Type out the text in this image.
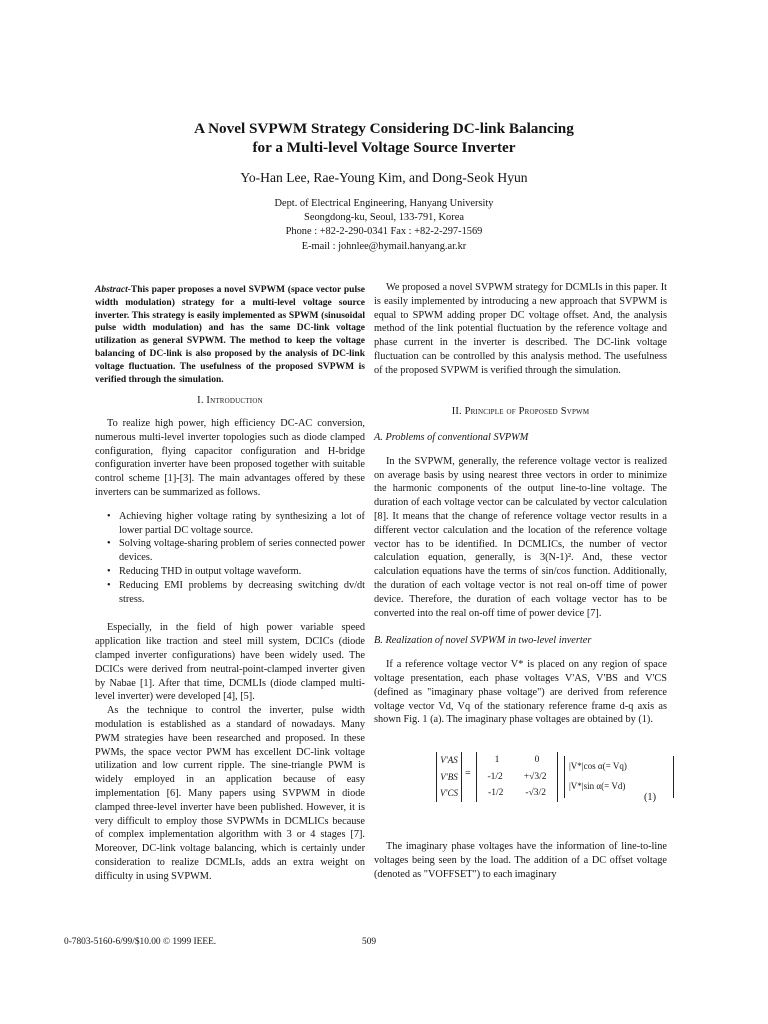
A Novel SVPWM Strategy Considering DC-link Balancing
for a Multi-level Voltage Source Inverter
Yo-Han Lee, Rae-Young Kim, and Dong-Seok Hyun
Dept. of Electrical Engineering, Hanyang University
Seongdong-ku, Seoul, 133-791, Korea
Phone : +82-2-290-0341 Fax : +82-2-297-1569
E-mail : johnlee@hymail.hanyang.ar.kr
Abstract-This paper proposes a novel SVPWM (space vector pulse width modulation) strategy for a multi-level voltage source inverter. This strategy is easily implemented as SPWM (sinusoidal pulse width modulation) and has the same DC-link voltage utilization as general SVPWM. The method to keep the voltage balancing of DC-link is also proposed by the analysis of DC-link voltage fluctuation. The usefulness of the proposed SVPWM is verified through the simulation.
I. Introduction

To realize high power, high efficiency DC-AC conversion, numerous multi-level inverter topologies such as diode clamped configuration, flying capacitor configuration and H-bridge configuration inverter have been proposed together with suitable control scheme [1]-[3]. The main advantages offered by these inverters can be summarized as follows.

• Achieving higher voltage rating by synthesizing a lot of lower partial DC voltage source.
• Solving voltage-sharing problem of series connected power devices.
• Reducing THD in output voltage waveform.
• Reducing EMI problems by decreasing switching dv/dt stress.

Especially, in the field of high power variable speed application like traction and steel mill system, DCICs (diode clamped inverter configurations) have been widely used. The DCICs were derived from neutral-point-clamped inverter given by Nabae [1]. After that time, DCMLIs (diode clamped multi-level inverter) were developed [4], [5].

As the technique to control the inverter, pulse width modulation is established as a standard of nowadays. Many PWM strategies have been researched and proposed. In these PWMs, the space vector PWM has excellent DC-link voltage utilization and low current ripple. The sine-triangle PWM is widely employed in an application because of easy implementation [6]. Many papers using SVPWM in diode clamped three-level inverter have been published. However, it is very difficult to employ those SVPWMs in DCMLICs because of complex implementation algorithm with 3 or 4 stages [7]. Moreover, DC-link voltage balancing, which is certainly under consideration to realize DCMLIs, adds an extra weight on difficulty in using SVPWM.

We proposed a novel SVPWM strategy for DCMLIs in this paper. It is easily implemented by introducing a new approach that SVPWM is equal to SPWM adding proper DC voltage offset. And, the analysis method of the link potential fluctuation by the reference voltage and phase current in the inverter is described. The DC-link voltage fluctuation can be controlled by this analysis method. The usefulness of the proposed SVPWM is verified through the simulation.

II. Principle of Proposed Svpwm
A. Problems of conventional SVPWM

In the SVPWM, generally, the reference voltage vector is realized on average basis by using nearest three vectors in order to minimize the harmonic components of the output line-to-line voltage. The duration of each voltage vector can be calculated by vector calculation [8]. It means that the change of reference voltage vector results in a different vector calculation and the location of the reference voltage vector has to be identified. In DCMLICs, the number of vector calculation equation, generally, is 3(N-1)². And, these vector calculation equations have the terms of sin/cos function. Additionally, the duration of each voltage vector is not real on-off time of power device. Therefore, the duration of each voltage vector has to be converted into the real on-off time of power device [7].

B. Realization of novel SVPWM in two-level inverter

If a reference voltage vector V* is placed on any region of space voltage presentation, each phase voltages V'AS, V'BS and V'CS (defined as "imaginary phase voltage") are derived from reference voltage vector Vd, Vq of the stationary reference frame d-q axis as shown Fig. 1 (a). The imaginary phase voltages are obtained by (1).

V'AS
V'BS
V'CS
=
1	0
-1/2 +√3/2
-1/2 -√3/2
|V*|cos α(= Vq)
|V*|sin α(= Vd)
(1)

The imaginary phase voltages have the information of line-to-line voltages being seen by the load. The addition of a DC offset voltage (denoted as "VOFFSET") to each imaginary

0-7803-5160-6/99/$10.00 © 1999 IEEE.	509
